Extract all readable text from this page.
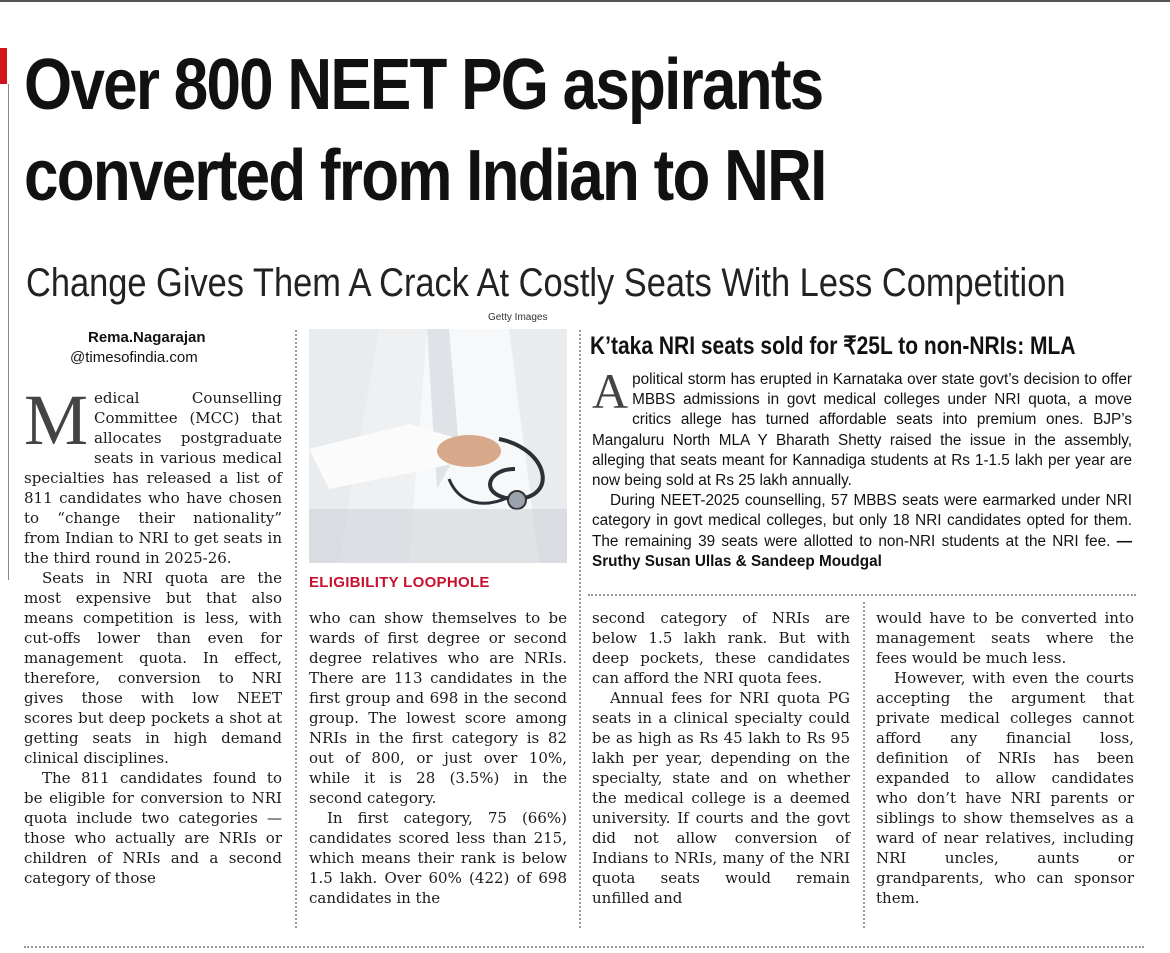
Over 800 NEET PG aspirants
converted from Indian to NRI
Change Gives Them A Crack At Costly Seats With Less Competition
Rema.Nagarajan
@timesofindia.com

Medical Counselling Committee (MCC) that allocates postgraduate seats in various medical specialties has released a list of 811 candidates who have chosen to “change their nationality” from Indian to NRI to get seats in the third round in 2025-26.

Seats in NRI quota are the most expensive but that also means competition is less, with cut-offs lower than even for management quota. In effect, therefore, conversion to NRI gives those with low NEET scores but deep pockets a shot at getting seats in high demand clinical disciplines.

The 811 candidates found to be eligible for conversion to NRI quota include two categories — those who actually are NRIs or children of NRIs and a second category of those

Getty Images
ELIGIBILITY LOOPHOLE

who can show themselves to be wards of first degree or second degree relatives who are NRIs. There are 113 candidates in the first group and 698 in the second group. The lowest score among NRIs in the first category is 82 out of 800, or just over 10%, while it is 28 (3.5%) in the second category.

In first category, 75 (66%) candidates scored less than 215, which means their rank is below 1.5 lakh. Over 60% (422) of 698 candidates in the

second category of NRIs are below 1.5 lakh rank. But with deep pockets, these candidates can afford the NRI quota fees.

Annual fees for NRI quota PG seats in a clinical specialty could be as high as Rs 45 lakh to Rs 95 lakh per year, depending on the specialty, state and on whether the medical college is a deemed university. If courts and the govt did not allow conversion of Indians to NRIs, many of the NRI quota seats would remain unfilled and

would have to be converted into management seats where the fees would be much less.

However, with even the courts accepting the argument that private medical colleges cannot afford any financial loss, definition of NRIs has been expanded to allow candidates who don’t have NRI parents or siblings to show themselves as a ward of near relatives, including NRI uncles, aunts or grandparents, who can sponsor them.

K’taka NRI seats sold for ₹25L to non-NRIs: MLA

Apolitical storm has erupted in Karnataka over state govt’s decision to offer MBBS admissions in govt medical colleges under NRI quota, a move critics allege has turned affordable seats into premium ones. BJP’s Mangaluru North MLA Y Bharath Shetty raised the issue in the assembly, alleging that seats meant for Kannadiga students at Rs 1-1.5 lakh per year are now being sold at Rs 25 lakh annually.

During NEET-2025 counselling, 57 MBBS seats were earmarked under NRI category in govt medical colleges, but only 18 NRI candidates opted for them. The remaining 39 seats were allotted to non-NRI students at the NRI fee. — Sruthy Susan Ullas & Sandeep Moudgal
